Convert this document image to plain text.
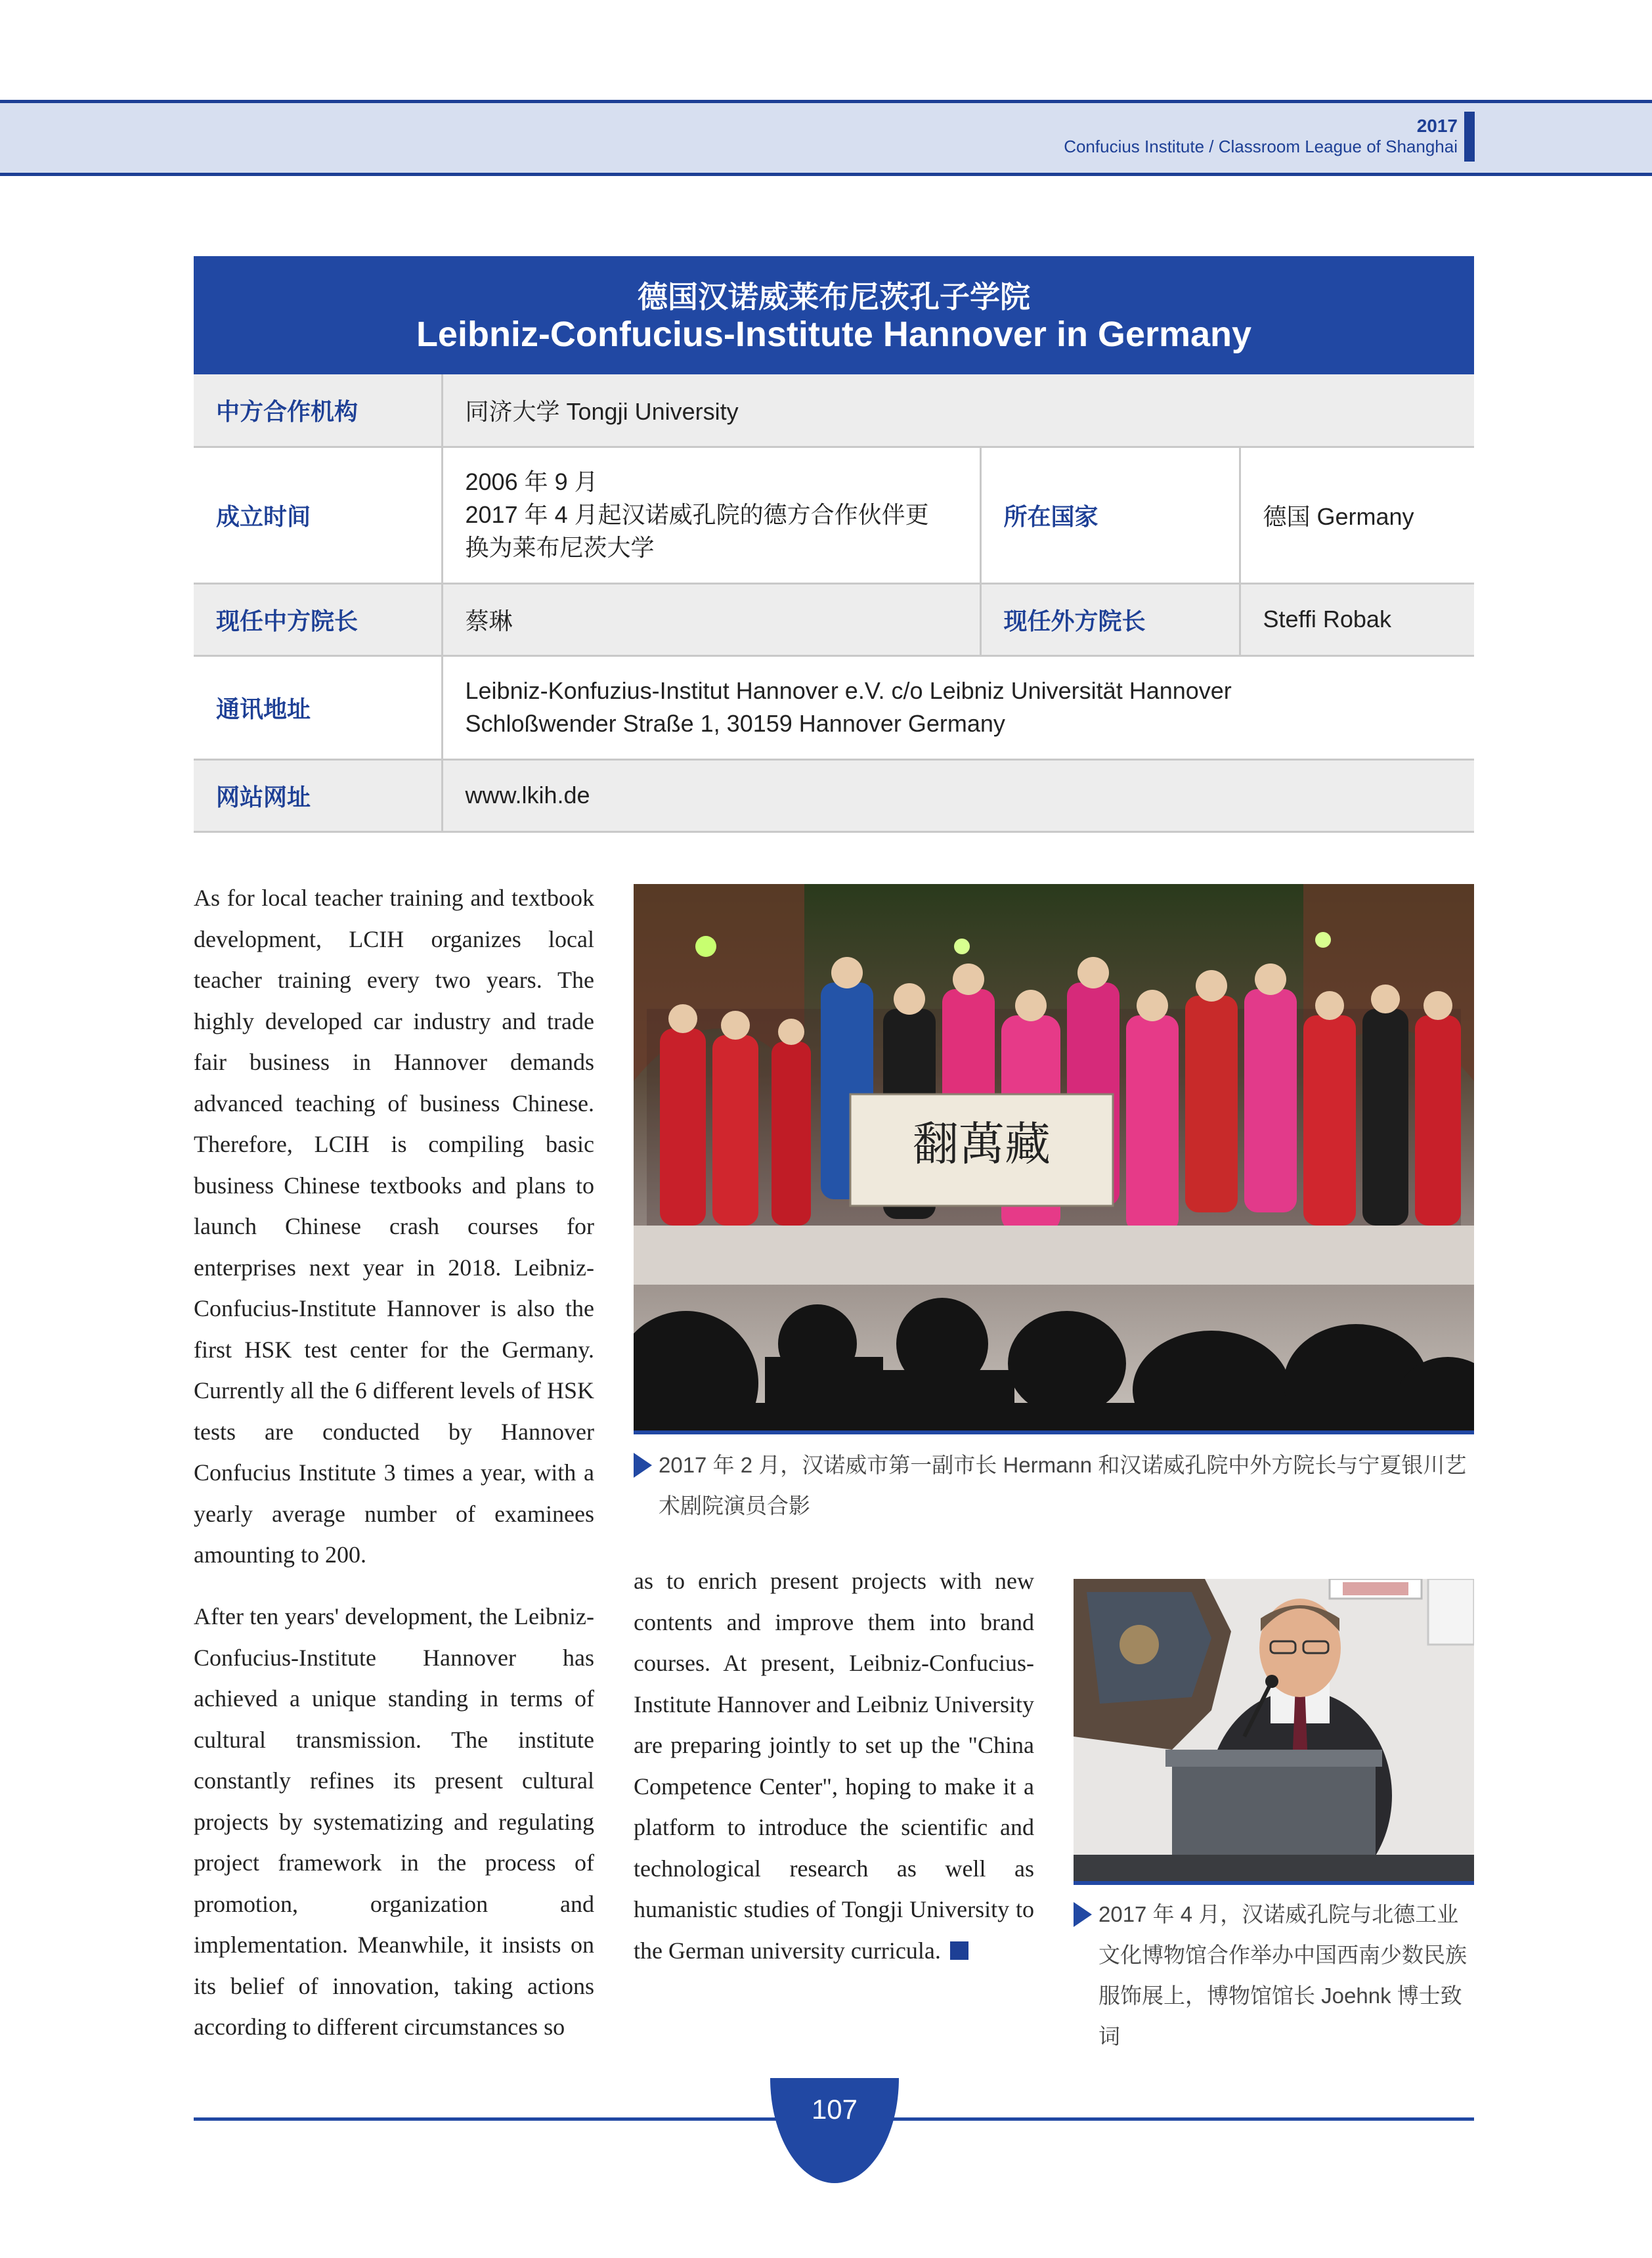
2017
Confucius Institute / Classroom League of Shanghai
德国汉诺威莱布尼茨孔子学院
Leibniz-Confucius-Institute Hannover in Germany
中方合作机构	同济大学 Tongji University		
成立时间	2006 年 9 月
2017 年 4 月起汉诺威孔院的德方合作伙伴更
换为莱布尼茨大学	所在国家	德国 Germany
现任中方院长	蔡琳	现任外方院长	Steffi Robak
通讯地址	Leibniz-Konfuzius-Institut Hannover e.V. c/o Leibniz Universität Hannover
Schloßwender Straße 1, 30159 Hannover Germany		

网站网址	www.lkih.de		

As for local teacher training and textbook development, LCIH organizes local teacher training every two years. The highly developed car industry and trade fair business in Hannover demands advanced teaching of business Chinese. Therefore, LCIH is compiling basic business Chinese textbooks and plans to launch Chinese crash courses for enterprises next year in 2018. Leibniz-Confucius-Institute Hannover is also the first HSK test center for the Germany. Currently all the 6 different levels of HSK tests are conducted by Hannover Confucius Institute 3 times a year, with a yearly average number of examinees amounting to 200.

After ten years' development, the Leibniz-Confucius-Institute Hannover has achieved a unique standing in terms of cultural transmission. The institute constantly refines its present cultural projects by systematizing and regulating project framework in the process of promotion, organization and implementation. Meanwhile, it insists on its belief of innovation, taking actions according to different circumstances so

as to enrich present projects with new contents and improve them into brand courses. At present, Leibniz-Confucius-Institute Hannover and Leibniz University are preparing jointly to set up the "China Competence Center", hoping to make it a platform to introduce the scientific and technological research as well as humanistic studies of Tongji University to the German university curricula.

翻萬藏
2017 年 2 月，汉诺威市第一副市长 Hermann 和汉诺威孔院中外方院长与宁夏银川艺术剧院演员合影
2017 年 4 月，汉诺威孔院与北德工业文化博物馆合作举办中国西南少数民族服饰展上，博物馆馆长 Joehnk 博士致词
107
